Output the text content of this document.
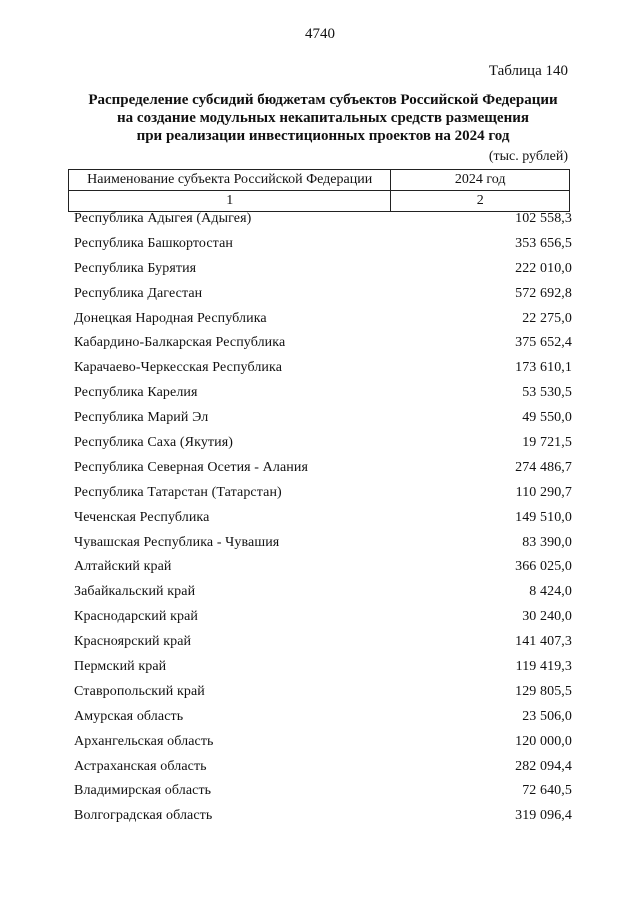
4740
Таблица 140
Распределение субсидий бюджетам субъектов Российской Федерации
на создание модульных некапитальных средств размещения
при реализации инвестиционных проектов на 2024 год
(тыс. рублей)
Наименование субъекта Российской Федерации	2024 год
1	2
Республика Адыгея (Адыгея)	102 558,3
Республика Башкортостан	353 656,5
Республика Бурятия	222 010,0
Республика Дагестан	572 692,8
Донецкая Народная Республика	22 275,0
Кабардино-Балкарская Республика	375 652,4
Карачаево-Черкесская Республика	173 610,1
Республика Карелия	53 530,5
Республика Марий Эл	49 550,0
Республика Саха (Якутия)	19 721,5
Республика Северная Осетия - Алания	274 486,7
Республика Татарстан (Татарстан)	110 290,7
Чеченская Республика	149 510,0
Чувашская Республика - Чувашия	83 390,0
Алтайский край	366 025,0
Забайкальский край	8 424,0
Краснодарский край	30 240,0
Красноярский край	141 407,3
Пермский край	119 419,3
Ставропольский край	129 805,5
Амурская область	23 506,0
Архангельская область	120 000,0
Астраханская область	282 094,4
Владимирская область	72 640,5
Волгоградская область	319 096,4
